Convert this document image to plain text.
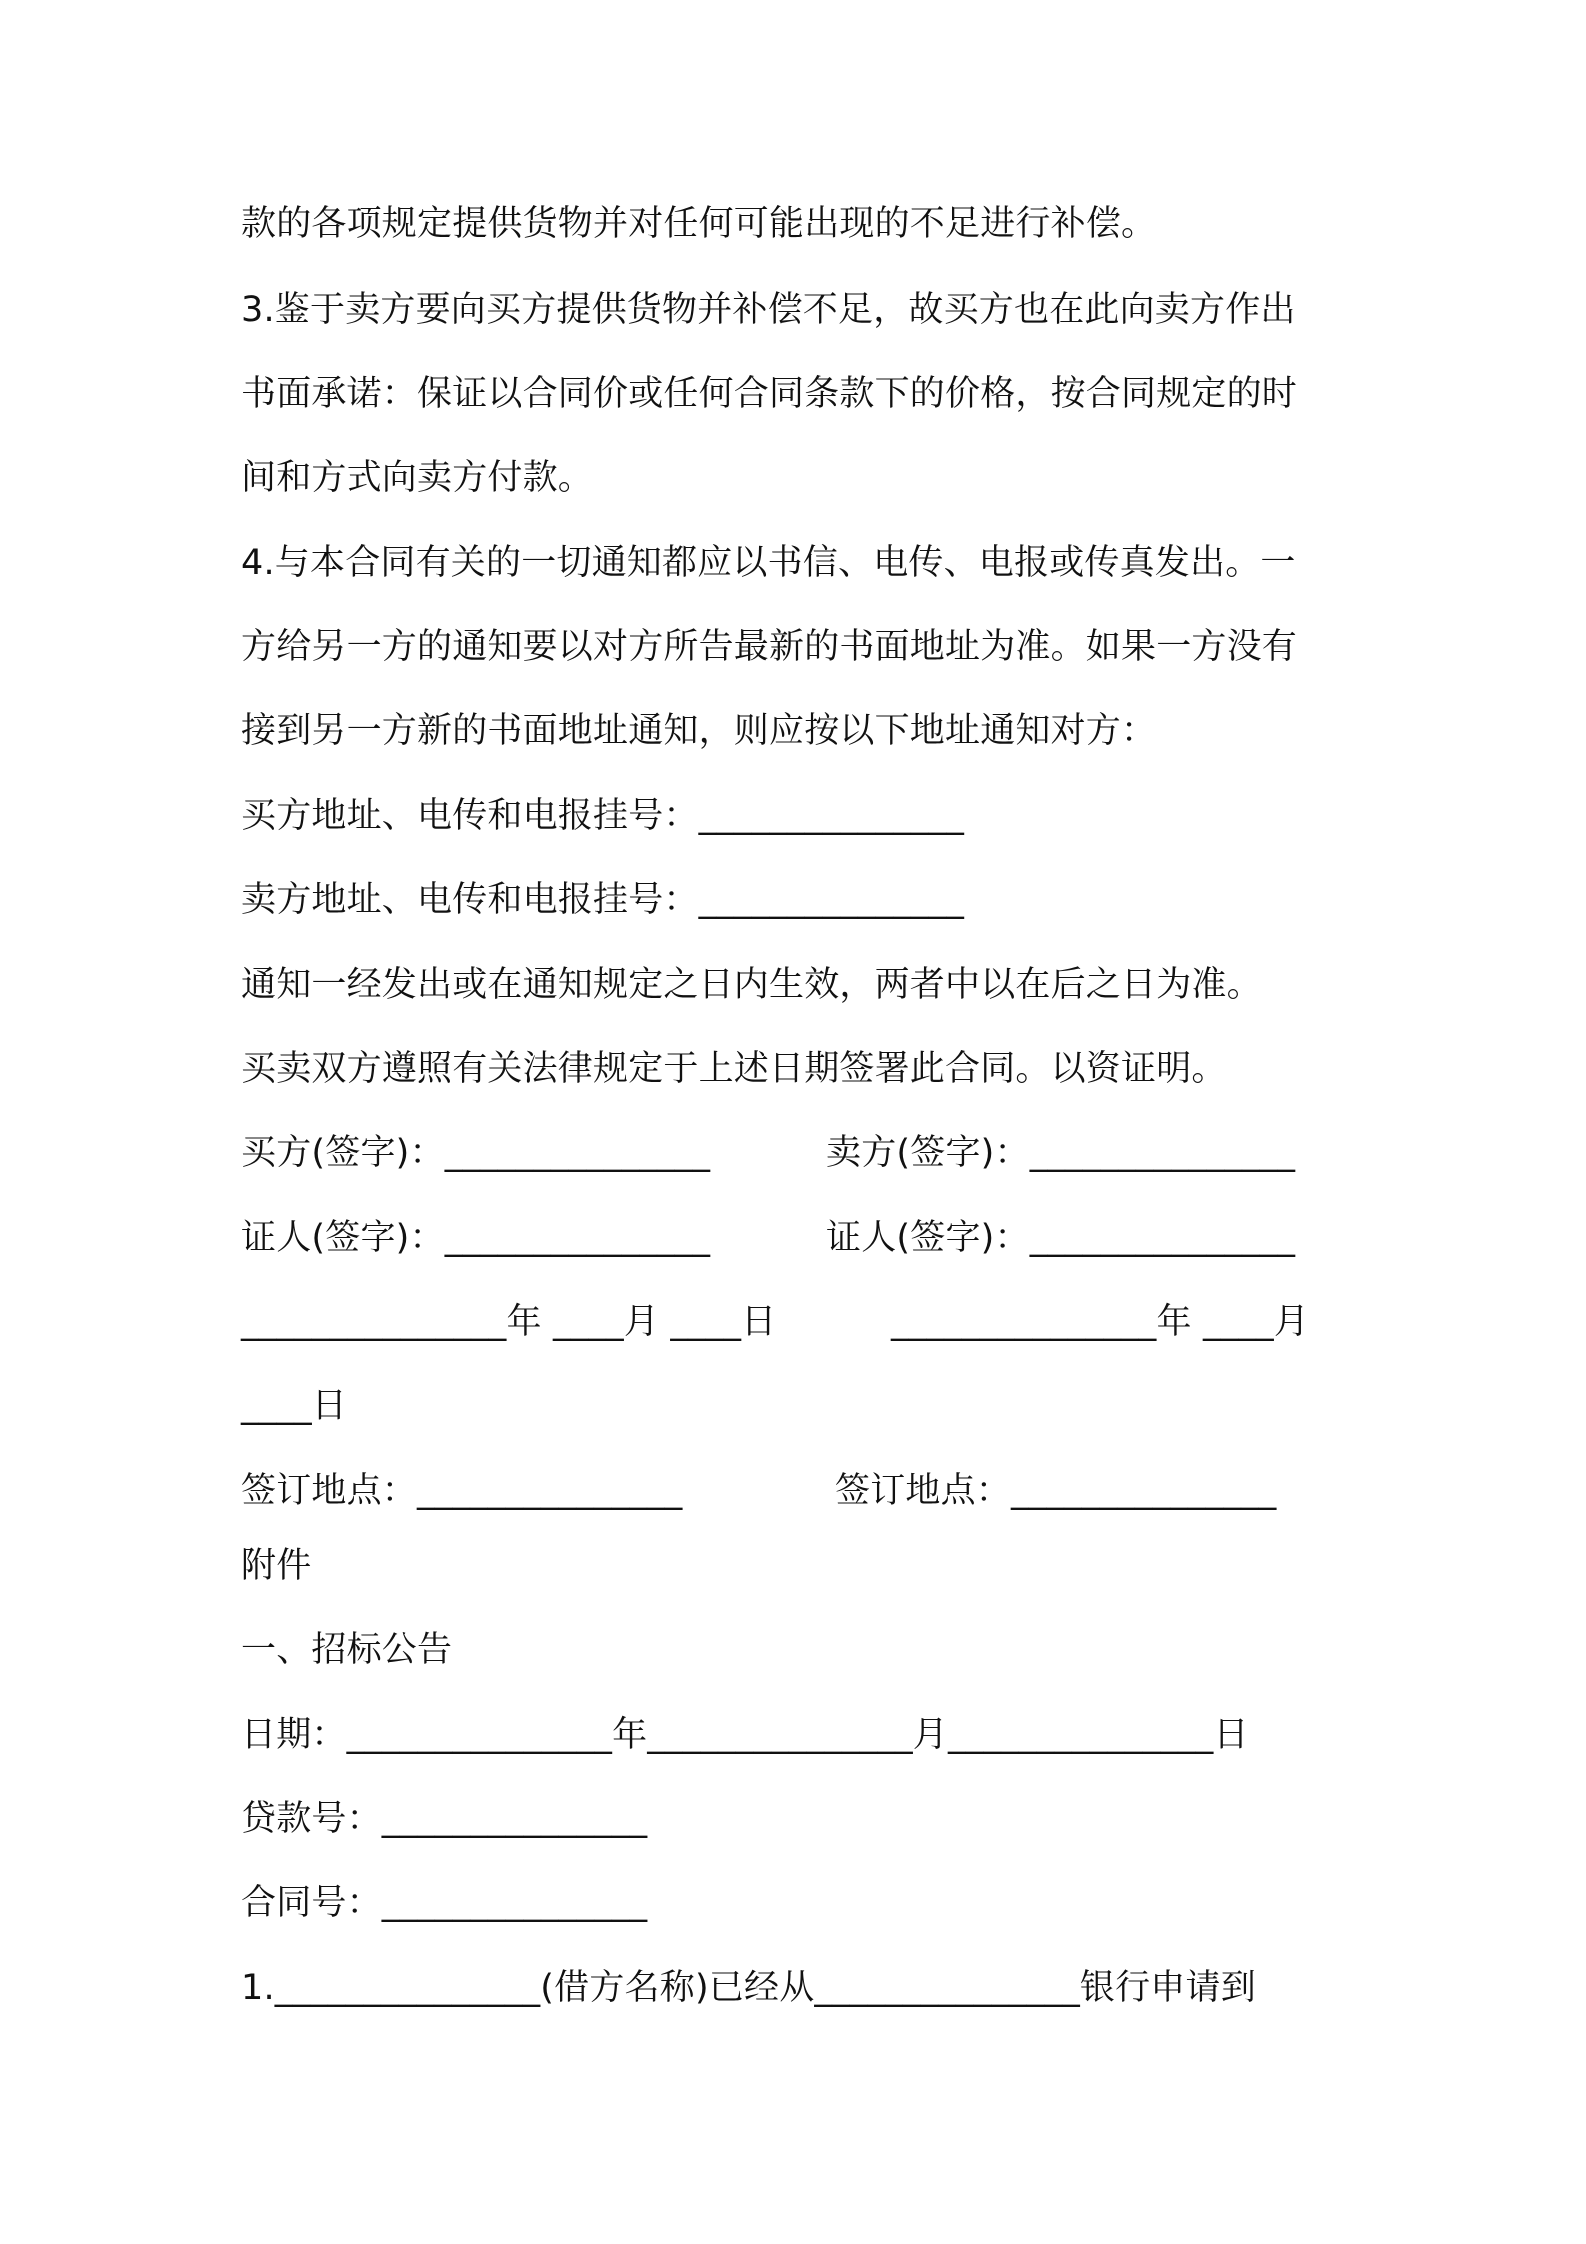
款的各项规定提供货物并对任何可能出现的不足进行补偿。
3.鉴于卖方要向买方提供货物并补偿不足，故买方也在此向卖方作出
书面承诺：保证以合同价或任何合同条款下的价格，按合同规定的时
间和方式向卖方付款。
4.与本合同有关的一切通知都应以书信、电传、电报或传真发出。一
方给另一方的通知要以对方所告最新的书面地址为准。如果一方没有
接到另一方新的书面地址通知，则应按以下地址通知对方：
买方地址、电传和电报挂号：_______________
卖方地址、电传和电报挂号：_______________
通知一经发出或在通知规定之日内生效，两者中以在后之日为准。
买卖双方遵照有关法律规定于上述日期签署此合同。以资证明。
买方(签字)：_______________	卖方(签字)：_______________
证人(签字)：_______________	证人(签字)：_______________
_______________年 ____月 ____日	_______________年 ____月
____日
签订地点：_______________	签订地点：_______________
附件
一、招标公告
日期：_______________年_______________月_______________日
贷款号：_______________
合同号：_______________
1._______________(借方名称)已经从_______________银行申请到
